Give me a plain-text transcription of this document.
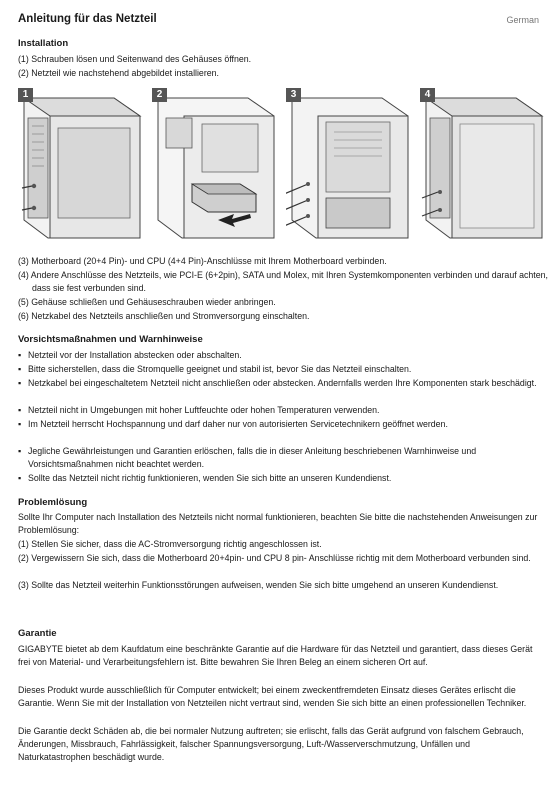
Anleitung für das Netzteil	German
Installation
(1) Schrauben lösen und Seitenwand des Gehäuses öffnen.
(2) Netzteil wie nachstehend abgebildet installieren.
1	2	3	4
(3) Motherboard (20+4 Pin)- und CPU (4+4 Pin)-Anschlüsse mit Ihrem Motherboard verbinden.
(4) Andere Anschlüsse des Netzteils, wie PCI-E (6+2pin), SATA und Molex, mit Ihren Systemkomponenten verbinden und darauf achten, dass sie fest verbunden sind.
(5) Gehäuse schließen und Gehäuseschrauben wieder anbringen.
(6) Netzkabel des Netzteils anschließen und Stromversorgung einschalten.
Vorsichtsmaßnahmen und Warnhinweise
▪ Netzteil vor der Installation abstecken oder abschalten.
▪ Bitte sicherstellen, dass die Stromquelle geeignet und stabil ist, bevor Sie das Netzteil einschalten.
▪ Netzkabel bei eingeschaltetem Netzteil nicht anschließen oder abstecken. Andernfalls werden Ihre Komponenten stark beschädigt.
▪ Netzteil nicht in Umgebungen mit hoher Luftfeuchte oder hohen Temperaturen verwenden.
▪ Im Netzteil herrscht Hochspannung und darf daher nur von autorisierten Servicetechnikern geöffnet werden.
▪ Jegliche Gewährleistungen und Garantien erlöschen, falls die in dieser Anleitung beschriebenen Warnhinweise und Vorsichtsmaßnahmen nicht beachtet werden.
▪ Sollte das Netzteil nicht richtig funktionieren, wenden Sie sich bitte an unseren Kundendienst.
Problemlösung
Sollte Ihr Computer nach Installation des Netzteils nicht normal funktionieren, beachten Sie bitte die nachstehenden Anweisungen zur Problemlösung:
(1) Stellen Sie sicher, dass die AC-Stromversorgung richtig angeschlossen ist.
(2) Vergewissern Sie sich, dass die Motherboard 20+4pin- und CPU 8 pin- Anschlüsse richtig mit dem Motherboard verbunden sind.
(3) Sollte das Netzteil weiterhin Funktionsstörungen aufweisen, wenden Sie sich bitte umgehend an unseren Kundendienst.
Garantie
GIGABYTE bietet ab dem Kaufdatum eine beschränkte Garantie auf die Hardware für das Netzteil und garantiert, dass dieses Gerät frei von Material- und Verarbeitungsfehlern ist. Bitte bewahren Sie Ihren Beleg an einem sicheren Ort auf.
Dieses Produkt wurde ausschließlich für Computer entwickelt; bei einem zweckentfremdeten Einsatz dieses Gerätes erlischt die Garantie. Wenn Sie mit der Installation von Netzteilen nicht vertraut sind, wenden Sie sich bitte an einen professionellen Techniker.
Die Garantie deckt Schäden ab, die bei normaler Nutzung auftreten; sie erlischt, falls das Gerät aufgrund von falschem Gebrauch, Änderungen, Missbrauch, Fahrlässigkeit, falscher Spannungsversorgung, Luft-/Wasserverschmutzung, Unfällen und Naturkatastrophen beschädigt wurde.
